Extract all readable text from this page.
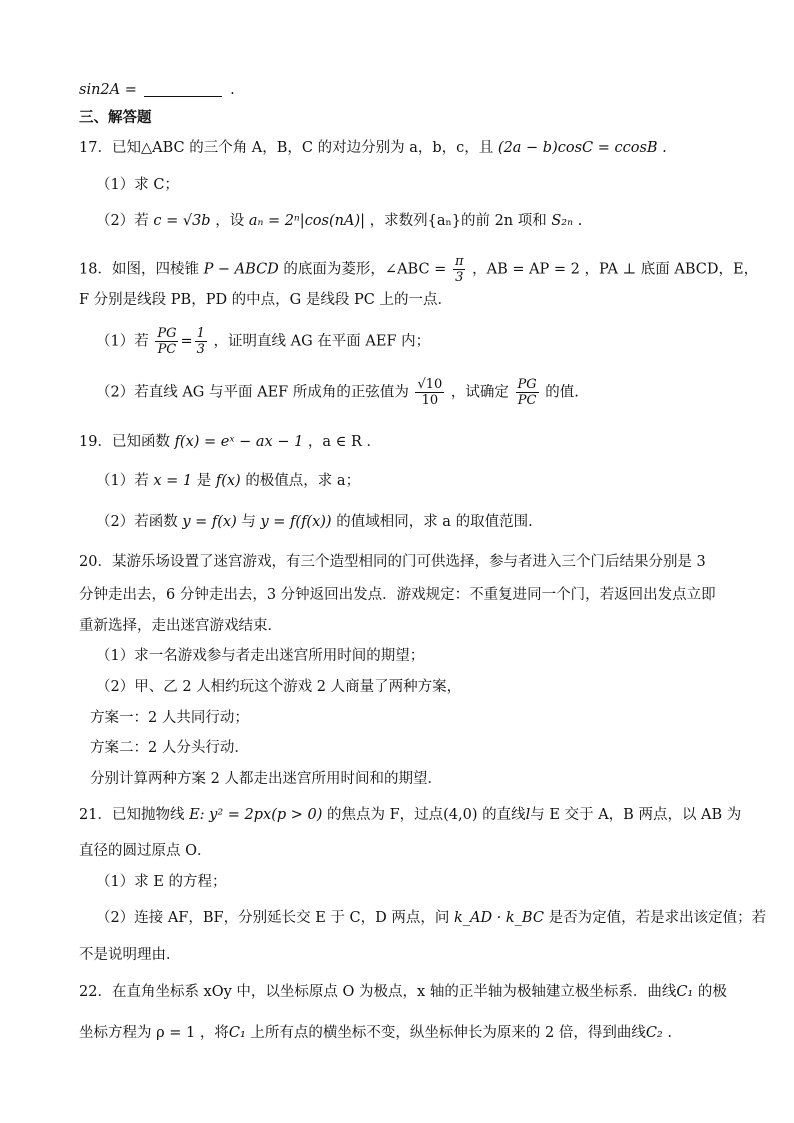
sin2A =	.
三、解答题
17．已知△ABC 的三个角 A，B，C 的对边分别为 a，b，c，且 (2a − b)cosC = ccosB .
（1）求 C；
（2）若 c = √3b ，设 aₙ = 2ⁿ|cos(nA)| ，求数列{aₙ}的前 2n 项和 S₂ₙ .
18．如图，四棱锥 P − ABCD 的底面为菱形，∠ABC = $\frac{\pi}{3}$ ，AB = AP = 2 ，PA ⊥ 底面 ABCD，E，
F 分别是线段 PB，PD 的中点，G 是线段 PC 上的一点．
（1）若 $\frac{PG}{PC} = \frac{1}{3}$ ，证明直线 AG 在平面 AEF 内；
（2）若直线 AG 与平面 AEF 所成角的正弦值为 $\frac{√10}{10}$ ，试确定 $\frac{PG}{PC}$ 的值.
19．已知函数 f(x) = eˣ − ax − 1 ，a ∈ R ．
（1）若 x = 1 是 f(x) 的极值点，求 a；
（2）若函数 y = f(x) 与 y = f(f(x)) 的值域相同，求 a 的取值范围.
20．某游乐场设置了迷宫游戏，有三个造型相同的门可供选择，参与者进入三个门后结果分别是 3
分钟走出去，6 分钟走出去，3 分钟返回出发点．游戏规定：不重复进同一个门，若返回出发点立即
重新选择，走出迷宫游戏结束．
（1）求一名游戏参与者走出迷宫所用时间的期望；
（2）甲、乙 2 人相约玩这个游戏 2 人商量了两种方案，
方案一：2 人共同行动；
方案二：2 人分头行动．
分别计算两种方案 2 人都走出迷宫所用时间和的期望．
21．已知抛物线 E: y² = 2px(p > 0) 的焦点为 F，过点(4,0) 的直线l与 E 交于 A，B 两点，以 AB 为
直径的圆过原点 O．
（1）求 E 的方程；
（2）连接 AF，BF，分别延长交 E 于 C，D 两点，问 k_AD · k_BC 是否为定值，若是求出该定值；若
不是说明理由．
22．在直角坐标系 xOy 中，以坐标原点 O 为极点，x 轴的正半轴为极轴建立极坐标系．曲线C₁ 的极
坐标方程为 ρ = 1 ，将C₁ 上所有点的横坐标不变，纵坐标伸长为原来的 2 倍，得到曲线C₂ .
